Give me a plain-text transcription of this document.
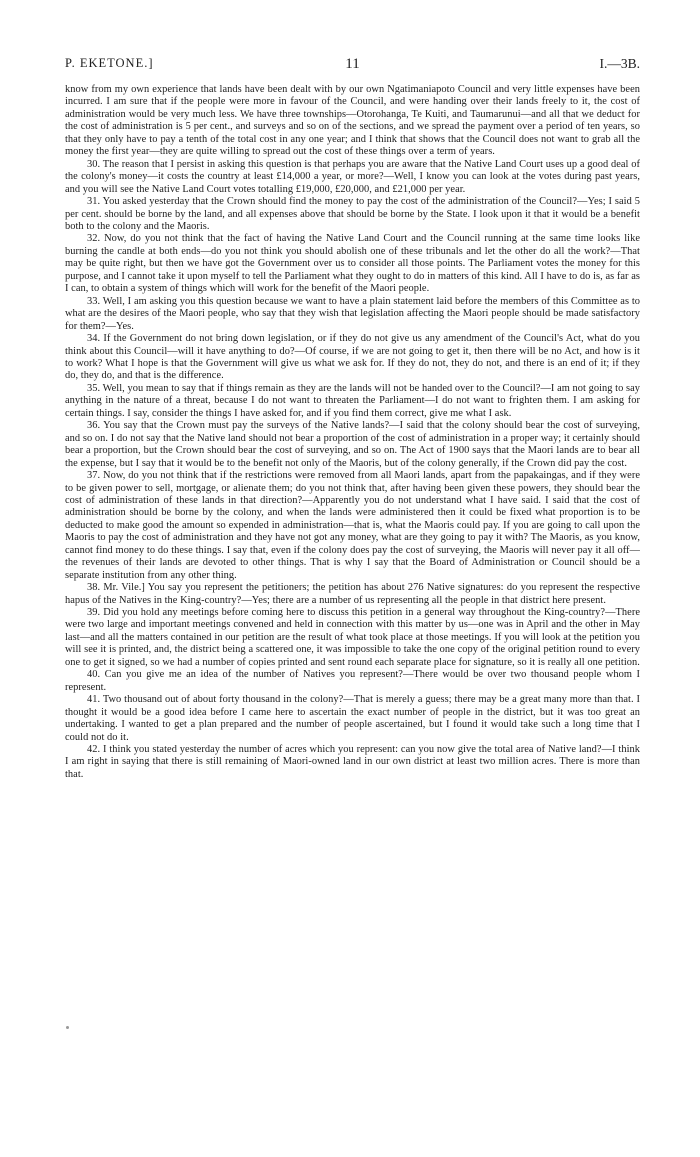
P. EKETONE.]	11	I.—3B.

know from my own experience that lands have been dealt with by our own Ngatimaniapoto Council and very little expenses have been incurred. I am sure that if the people were more in favour of the Council, and were handing over their lands freely to it, the cost of administration would be very much less. We have three townships—Otorohanga, Te Kuiti, and Taumarunui—and all that we deduct for the cost of administration is 5 per cent., and surveys and so on of the sections, and we spread the payment over a period of ten years, so that they only have to pay a tenth of the total cost in any one year; and I think that shows that the Council does not want to grab all the money the first year—they are quite willing to spread out the cost of these things over a term of years.

30. The reason that I persist in asking this question is that perhaps you are aware that the Native Land Court uses up a good deal of the colony's money—it costs the country at least £14,000 a year, or more?—Well, I know you can look at the votes during past years, and you will see the Native Land Court votes totalling £19,000, £20,000, and £21,000 per year.

31. You asked yesterday that the Crown should find the money to pay the cost of the administration of the Council?—Yes; I said 5 per cent. should be borne by the land, and all expenses above that should be borne by the State. I look upon it that it would be a benefit both to the colony and the Maoris.

32. Now, do you not think that the fact of having the Native Land Court and the Council running at the same time looks like burning the candle at both ends—do you not think you should abolish one of these tribunals and let the other do all the work?—That may be quite right, but then we have got the Government over us to consider all those points. The Parliament votes the money for this purpose, and I cannot take it upon myself to tell the Parliament what they ought to do in matters of this kind. All I have to do is, as far as I can, to obtain a system of things which will work for the benefit of the Maori people.

33. Well, I am asking you this question because we want to have a plain statement laid before the members of this Committee as to what are the desires of the Maori people, who say that they wish that legislation affecting the Maori people should be made satisfactory for them?—Yes.

34. If the Government do not bring down legislation, or if they do not give us any amendment of the Council's Act, what do you think about this Council—will it have anything to do?—Of course, if we are not going to get it, then there will be no Act, and how is it to work? What I hope is that the Government will give us what we ask for. If they do not, they do not, and there is an end of it; if they do, they do, and that is the difference.

35. Well, you mean to say that if things remain as they are the lands will not be handed over to the Council?—I am not going to say anything in the nature of a threat, because I do not want to threaten the Parliament—I do not want to frighten them. I am asking for certain things. I say, consider the things I have asked for, and if you find them correct, give me what I ask.

36. You say that the Crown must pay the surveys of the Native lands?—I said that the colony should bear the cost of surveying, and so on. I do not say that the Native land should not bear a proportion of the cost of administration in a proper way; it certainly should bear a proportion, but the Crown should bear the cost of surveying, and so on. The Act of 1900 says that the Maori lands are to bear all the expense, but I say that it would be to the benefit not only of the Maoris, but of the colony generally, if the Crown did pay the cost.

37. Now, do you not think that if the restrictions were removed from all Maori lands, apart from the papakaingas, and if they were to be given power to sell, mortgage, or alienate them; do you not think that, after having been given these powers, they should bear the cost of administration of these lands in that direction?—Apparently you do not understand what I have said. I said that the cost of administration should be borne by the colony, and when the lands were administered then it could be fixed what proportion is to be deducted to make good the amount so expended in administration—that is, what the Maoris could pay. If you are going to call upon the Maoris to pay the cost of administration and they have not got any money, what are they going to pay it with? The Maoris, as you know, cannot find money to do these things. I say that, even if the colony does pay the cost of surveying, the Maoris will never pay it all off—the revenues of their lands are devoted to other things. That is why I say that the Board of Administration or Council should be a separate institution from any other thing.

38. Mr. Vile.] You say you represent the petitioners; the petition has about 276 Native signatures: do you represent the respective hapus of the Natives in the King-country?—Yes; there are a number of us representing all the people in that district here present.

39. Did you hold any meetings before coming here to discuss this petition in a general way throughout the King-country?—There were two large and important meetings convened and held in connection with this matter by us—one was in April and the other in May last—and all the matters contained in our petition are the result of what took place at those meetings. If you will look at the petition you will see it is printed, and, the district being a scattered one, it was impossible to take the one copy of the original petition round to every one to get it signed, so we had a number of copies printed and sent round each separate place for signature, so it is really all one petition.

40. Can you give me an idea of the number of Natives you represent?—There would be over two thousand people whom I represent.

41. Two thousand out of about forty thousand in the colony?—That is merely a guess; there may be a great many more than that. I thought it would be a good idea before I came here to ascertain the exact number of people in the district, but it was too great an undertaking. I wanted to get a plan prepared and the number of people ascertained, but I found it would take such a long time that I could not do it.

42. I think you stated yesterday the number of acres which you represent: can you now give the total area of Native land?—I think I am right in saying that there is still remaining of Maori-owned land in our own district at least two million acres. There is more than that.
